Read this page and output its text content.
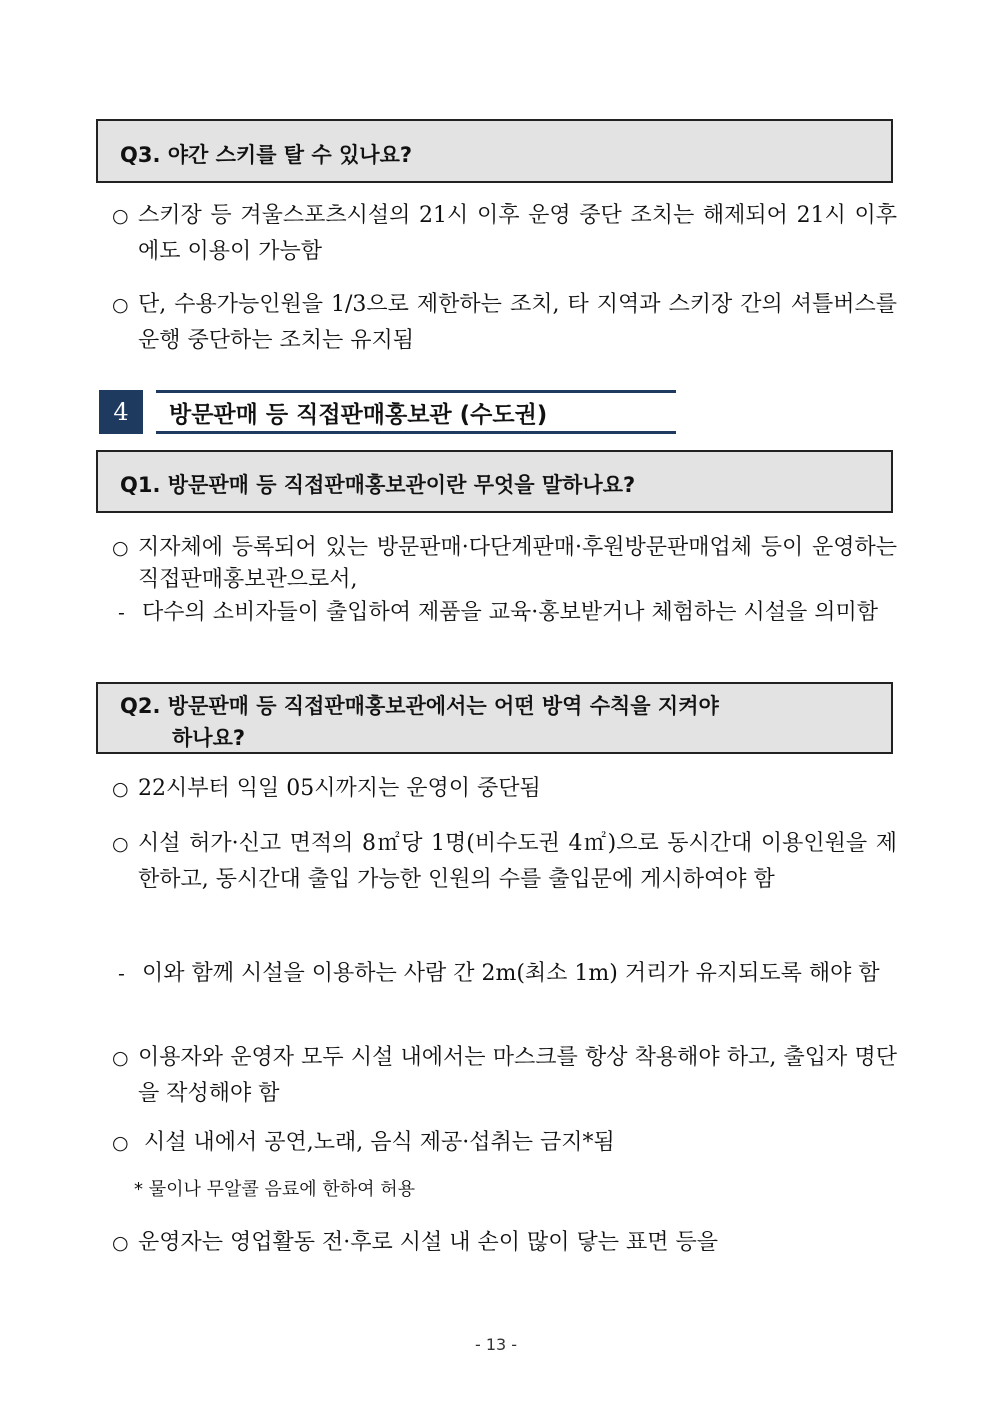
Q3. 야간 스키를 탈 수 있나요?
○ 스키장 등 겨울스포츠시설의 21시 이후 운영 중단 조치는 해제되어 21시 이후에도 이용이 가능함
○ 단, 수용가능인원을 1/3으로 제한하는 조치, 타 지역과 스키장 간의 셔틀버스를 운행 중단하는 조치는 유지됨
4	방문판매 등 직접판매홍보관 (수도권)
Q1. 방문판매 등 직접판매홍보관이란 무엇을 말하나요?
○ 지자체에 등록되어 있는 방문판매·다단계판매·후원방문판매업체 등이 운영하는 직접판매홍보관으로서,
- 다수의 소비자들이 출입하여 제품을 교육·홍보받거나 체험하는 시설을 의미함
Q2. 방문판매 등 직접판매홍보관에서는 어떤 방역 수칙을 지켜야
하나요?
○ 22시부터 익일 05시까지는 운영이 중단됨
○ 시설 허가·신고 면적의 8㎡당 1명(비수도권 4㎡)으로 동시간대 이용인원을 제한하고, 동시간대 출입 가능한 인원의 수를 출입문에 게시하여야 함
- 이와 함께 시설을 이용하는 사람 간 2m(최소 1m) 거리가 유지되도록 해야 함
○ 이용자와 운영자 모두 시설 내에서는 마스크를 항상 착용해야 하고, 출입자 명단을 작성해야 함
○ 시설 내에서 공연,노래, 음식 제공·섭취는 금지*됨
* 물이나 무알콜 음료에 한하여 허용
○ 운영자는 영업활동 전·후로 시설 내 손이 많이 닿는 표면 등을
- 13 -
